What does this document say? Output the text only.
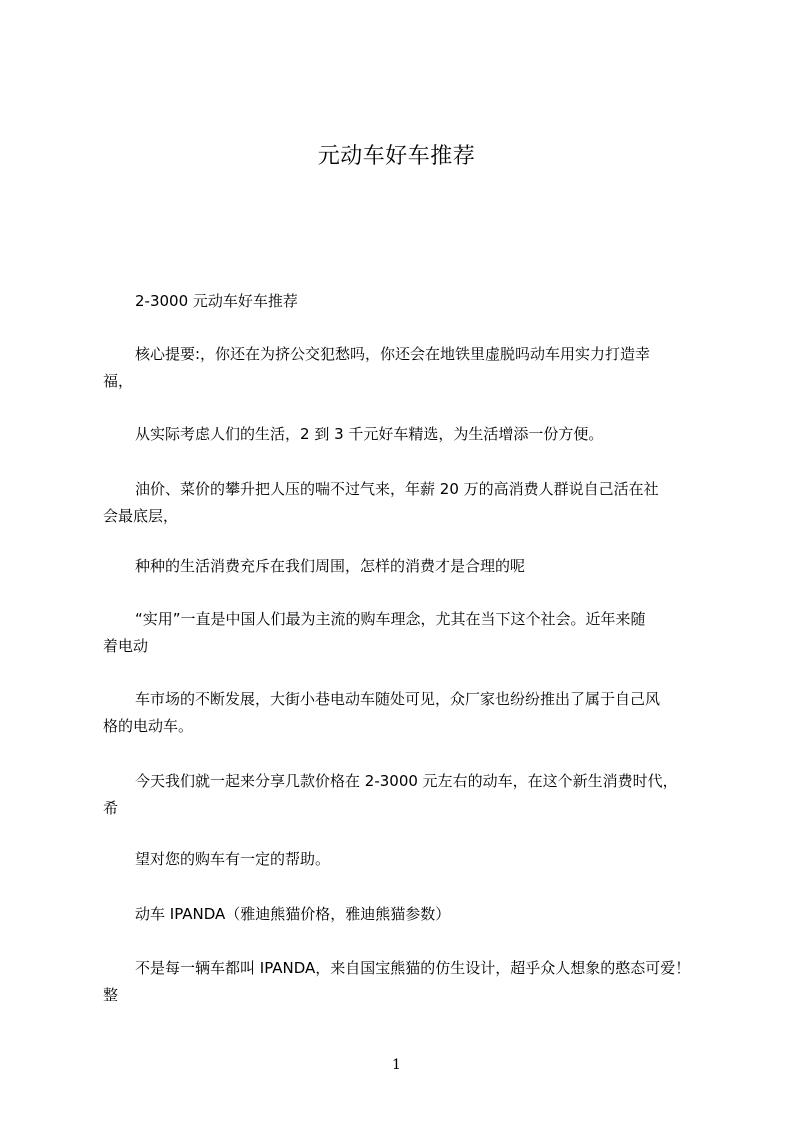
元动车好车推荐
2-3000 元动车好车推荐
核心提要:，你还在为挤公交犯愁吗，你还会在地铁里虚脱吗动车用实力打造幸
福，
从实际考虑人们的生活，2 到 3 千元好车精选，为生活增添一份方便。
油价、菜价的攀升把人压的喘不过气来，年薪 20 万的高消费人群说自己活在社
会最底层，
种种的生活消费充斥在我们周围，怎样的消费才是合理的呢
“实用”一直是中国人们最为主流的购车理念，尤其在当下这个社会。近年来随
着电动
车市场的不断发展，大街小巷电动车随处可见，众厂家也纷纷推出了属于自己风
格的电动车。
今天我们就一起来分享几款价格在 2-3000 元左右的动车，在这个新生消费时代，
希
望对您的购车有一定的帮助。
动车 IPANDA（雅迪熊猫价格，雅迪熊猫参数）
不是每一辆车都叫 IPANDA，来自国宝熊猫的仿生设计，超乎众人想象的憨态可爱！
整
1
